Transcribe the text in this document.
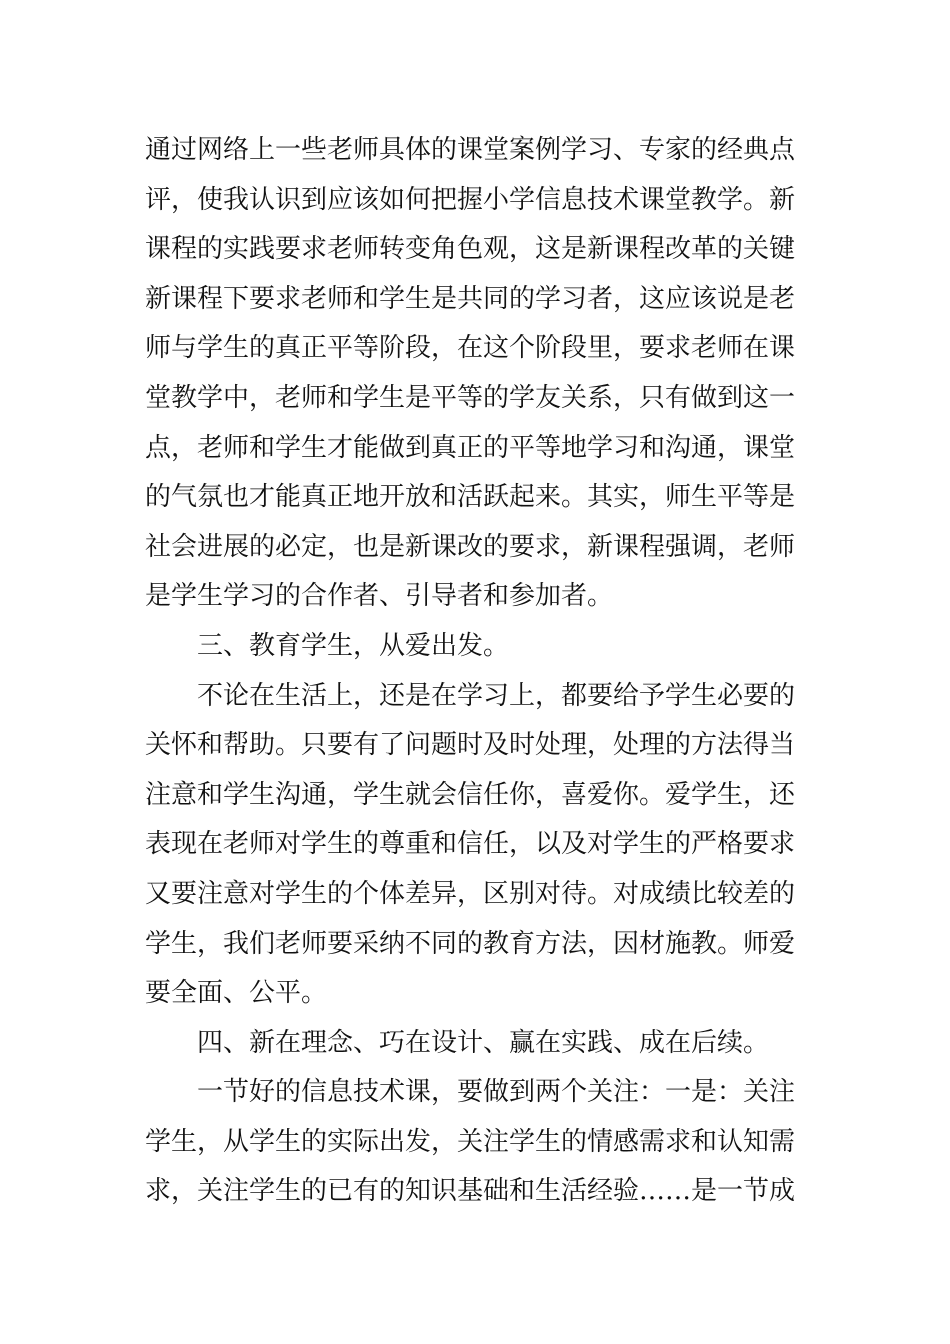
通过网络上一些老师具体的课堂案例学习、专家的经典点
评，使我认识到应该如何把握小学信息技术课堂教学。新
课程的实践要求老师转变角色观，这是新课程改革的关键
新课程下要求老师和学生是共同的学习者，这应该说是老
师与学生的真正平等阶段，在这个阶段里，要求老师在课
堂教学中，老师和学生是平等的学友关系，只有做到这一
点，老师和学生才能做到真正的平等地学习和沟通，课堂
的气氛也才能真正地开放和活跃起来。其实，师生平等是
社会进展的必定，也是新课改的要求，新课程强调，老师
是学生学习的合作者、引导者和参加者。
三、教育学生，从爱出发。
不论在生活上，还是在学习上，都要给予学生必要的
关怀和帮助。只要有了问题时及时处理，处理的方法得当
注意和学生沟通，学生就会信任你，喜爱你。爱学生，还
表现在老师对学生的尊重和信任，以及对学生的严格要求
又要注意对学生的个体差异，区别对待。对成绩比较差的
学生，我们老师要采纳不同的教育方法，因材施教。师爱
要全面、公平。
四、新在理念、巧在设计、赢在实践、成在后续。
一节好的信息技术课，要做到两个关注：一是：关注
学生，从学生的实际出发，关注学生的情感需求和认知需
求，关注学生的已有的知识基础和生活经验……是一节成
